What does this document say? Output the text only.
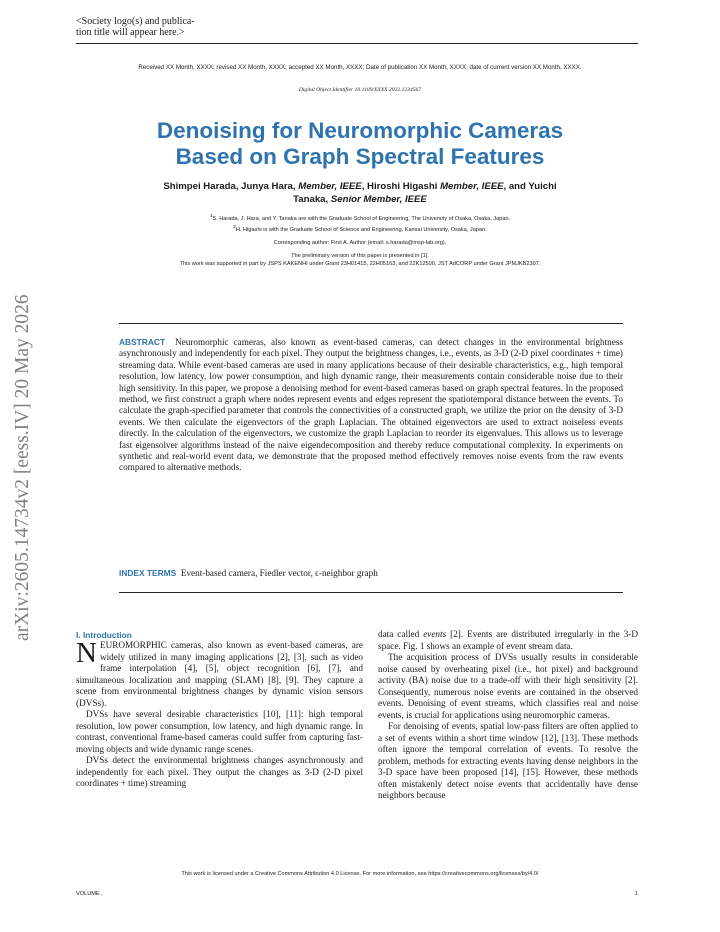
<Society logo(s) and publica-
tion title will appear here.>
Received XX Month, XXXX; revised XX Month, XXXX; accepted XX Month, XXXX; Date of publication XX Month, XXXX; date of current version XX Month, XXXX.
Digital Object Identifier 10.1109/XXXX.2022.1234567
Denoising for Neuromorphic Cameras
Based on Graph Spectral Features
Shimpei Harada, Junya Hara, Member, IEEE, Hiroshi Higashi Member, IEEE, and Yuichi
Tanaka, Senior Member, IEEE
$^1$S. Harada, J. Hara, and Y. Tanaka are with the Graduate School of Engineering, The University of Osaka, Osaka, Japan.
$^2$H. Higashi is with the Graduate School of Science and Engineering, Kansai University, Osaka, Japan.
Corresponding author: First A. Author (email: s.harada@msp-lab.org).
The preliminary version of this paper is presented in [1].
This work was supported in part by JSPS KAKENHI under Grant 23H01415, 22H05163, and 22K12500, JST AdCORP under Grant JPMJKB2307.
arXiv:2605.14734v2 [eess.IV] 20 May 2026	ABSTRACT Neuromorphic cameras, also known as event-based cameras, can detect changes in the environmental brightness asynchronously and independently for each pixel. They output the brightness changes, i.e., events, as 3-D (2-D pixel coordinates + time) streaming data. While event-based cameras are used in many applications because of their desirable characteristics, e.g., high temporal resolution, low latency, low power consumption, and high dynamic range, their measurements contain considerable noise due to their high sensitivity. In this paper, we propose a denoising method for event-based cameras based on graph spectral features. In the proposed method, we first construct a graph where nodes represent events and edges represent the spatiotemporal distance between the events. To calculate the graph-specified parameter that controls the connectivities of a constructed graph, we utilize the prior on the density of 3-D events. We then calculate the eigenvectors of the graph Laplacian. The obtained eigenvectors are used to extract noiseless events directly. In the calculation of the eigenvectors, we customize the graph Laplacian to reorder its eigenvalues. This allows us to leverage fast eigensolver algorithms instead of the naive eigendecomposition and thereby reduce computational complexity. In experiments on synthetic and real-world event data, we demonstrate that the proposed method effectively removes noise events from the raw events compared to alternative methods.
INDEX TERMS Event-based camera, Fiedler vector, ϵ-neighbor graph
I. Introduction

NEUROMORPHIC cameras, also known as event-based cameras, are widely utilized in many imaging applications [2], [3], such as video frame interpolation [4], [5], object recognition [6], [7], and simultaneous localization and mapping (SLAM) [8], [9]. They capture a scene from environmental brightness changes by dynamic vision sensors (DVSs).

DVSs have several desirable characteristics [10], [11]: high temporal resolution, low power consumption, low latency, and high dynamic range. In contrast, conventional frame-based cameras could suffer from capturing fast-moving objects and wide dynamic range scenes.

DVSs detect the environmental brightness changes asynchronously and independently for each pixel. They output the changes as 3-D (2-D pixel coordinates + time) streaming

data called events [2]. Events are distributed irregularly in the 3-D space. Fig. 1 shows an example of event stream data.

The acquisition process of DVSs usually results in considerable noise caused by overheating pixel (i.e., hot pixel) and background activity (BA) noise due to a trade-off with their high sensitivity [2]. Consequently, numerous noise events are contained in the observed events. Denoising of event streams, which classifies real and noise events, is crucial for applications using neuromorphic cameras.

For denoising of events, spatial low-pass filters are often applied to a set of events within a short time window [12], [13]. These methods often ignore the temporal correlation of events. To resolve the problem, methods for extracting events having dense neighbors in the 3-D space have been proposed [14], [15]. However, these methods often mistakenly detect noise events that accidentally have dense neighbors because

This work is licensed under a Creative Commons Attribution 4.0 License. For more information, see https://creativecommons.org/licenses/by/4.0/
VOLUME ,	1
